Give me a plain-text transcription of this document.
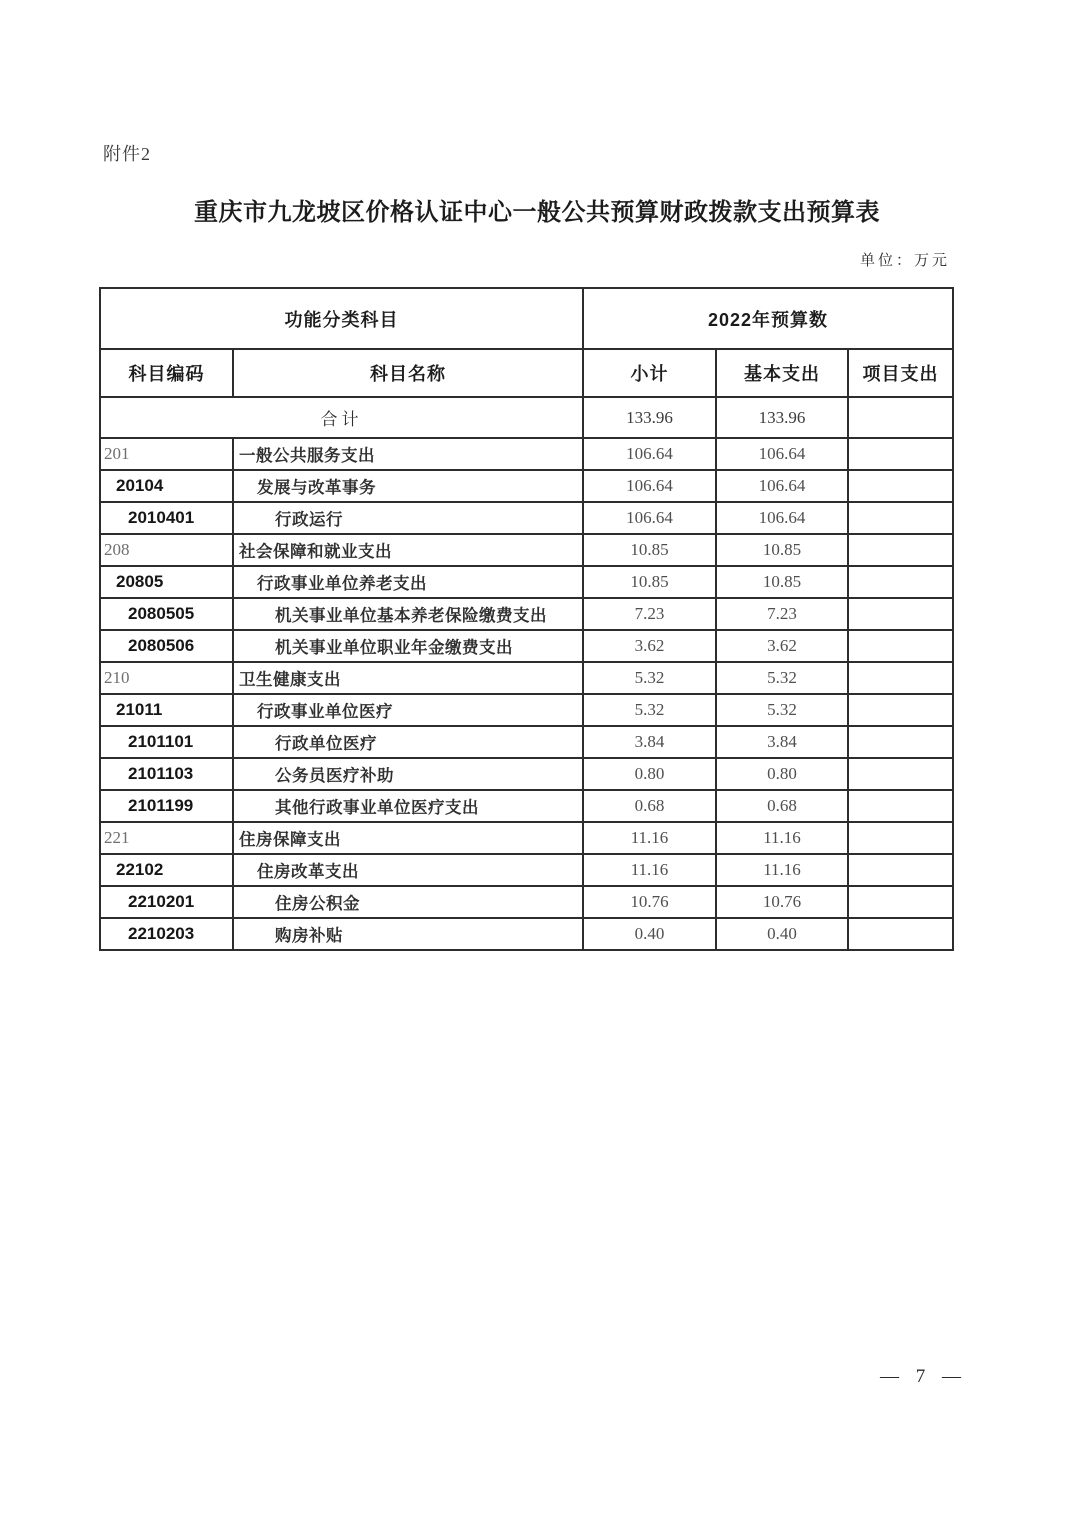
附件2
重庆市九龙坡区价格认证中心一般公共预算财政拨款支出预算表
单位：万元
功能分类科目		2022年预算数		
科目编码	科目名称	小计	基本支出	项目支出
合计		133.96	133.96	
201	一般公共服务支出	106.64	106.64	
20104	发展与改革事务	106.64	106.64	
2010401	行政运行	106.64	106.64	
208	社会保障和就业支出	10.85	10.85	
20805	行政事业单位养老支出	10.85	10.85	
2080505	机关事业单位基本养老保险缴费支出	7.23	7.23	
2080506	机关事业单位职业年金缴费支出	3.62	3.62	
210	卫生健康支出	5.32	5.32	
21011	行政事业单位医疗	5.32	5.32	
2101101	行政单位医疗	3.84	3.84	
2101103	公务员医疗补助	0.80	0.80	
2101199	其他行政事业单位医疗支出	0.68	0.68	
221	住房保障支出	11.16	11.16	
22102	住房改革支出	11.16	11.16	
2210201	住房公积金	10.76	10.76	
2210203	购房补贴	0.40	0.40	
— 7 —
